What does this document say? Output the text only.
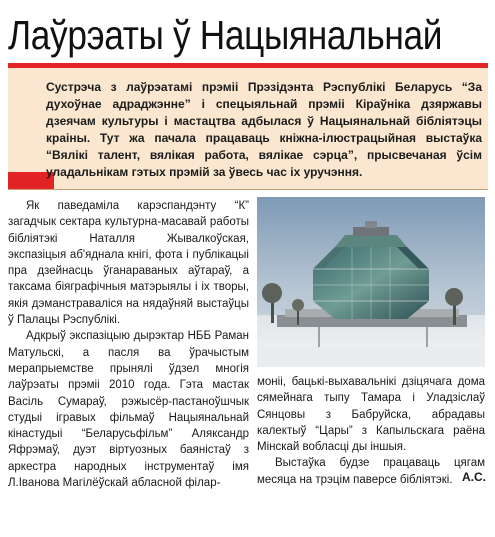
Лаўрэаты ў Нацыянальнай

Сустрэча з лаўрэатамі прэміі Прэзідэнта Рэспублікі Беларусь “За духоўнае адраджэнне” і спецыяльнай прэміі Кіраўніка дзяржавы дзеячам культуры і мастацтва адбылася ў Нацыянальнай бібліятэцы краіны. Тут жа пачала працаваць кніжна-ілюстрацыйная выстаўка “Вялікі талент, вялікая работа, вялікае сэрца”, прысвечаная ўсім уладальнікам гэтых прэмій за ўвесь час іх уручэння.

Як паведаміла карэспандэнту “К” загадчык сектара культурна-масавай работы бібліятэкі Наталля Жывалкоўская, экспазіцыя аб'яднала кнігі, фота і публікацыі пра дзейнасць ўганараваных аўтараў, а таксама біяграфічныя матэрыялы і іх творы, якія дэманстраваліся на нядаўняй выстаўцы ў Палацы Рэспублікі.

Адкрыў экспазіцыю дырэктар НББ Раман Матульскі, а пасля ва ўрачыстым мерапрыемстве прынялі ўдзел многія лаўрэаты прэміі 2010 года. Гэта мастак Васіль Сумараў, рэжысёр-пастаноўшчык студыі ігравых фільмаў Нацыянальнай кінастудыі “Беларусьфільм” Аляксандр Яфрэмаў, дуэт віртуозных баяністаў з аркестра народных інструментаў імя Л.Іванова Магілёўскай абласной філар-

моніі, бацькі-выхавальнікі дзіцячага дома сямейнага тыпу Тамара і Уладзіслаў Сянцовы з Бабруйска, абрадавы калектыў “Цары” з Капыльскага раёна Мінскай вобласці ды іншыя.

Выстаўка будзе працаваць цягам месяца на трэцім паверсе бібліятэкі. А.С.
